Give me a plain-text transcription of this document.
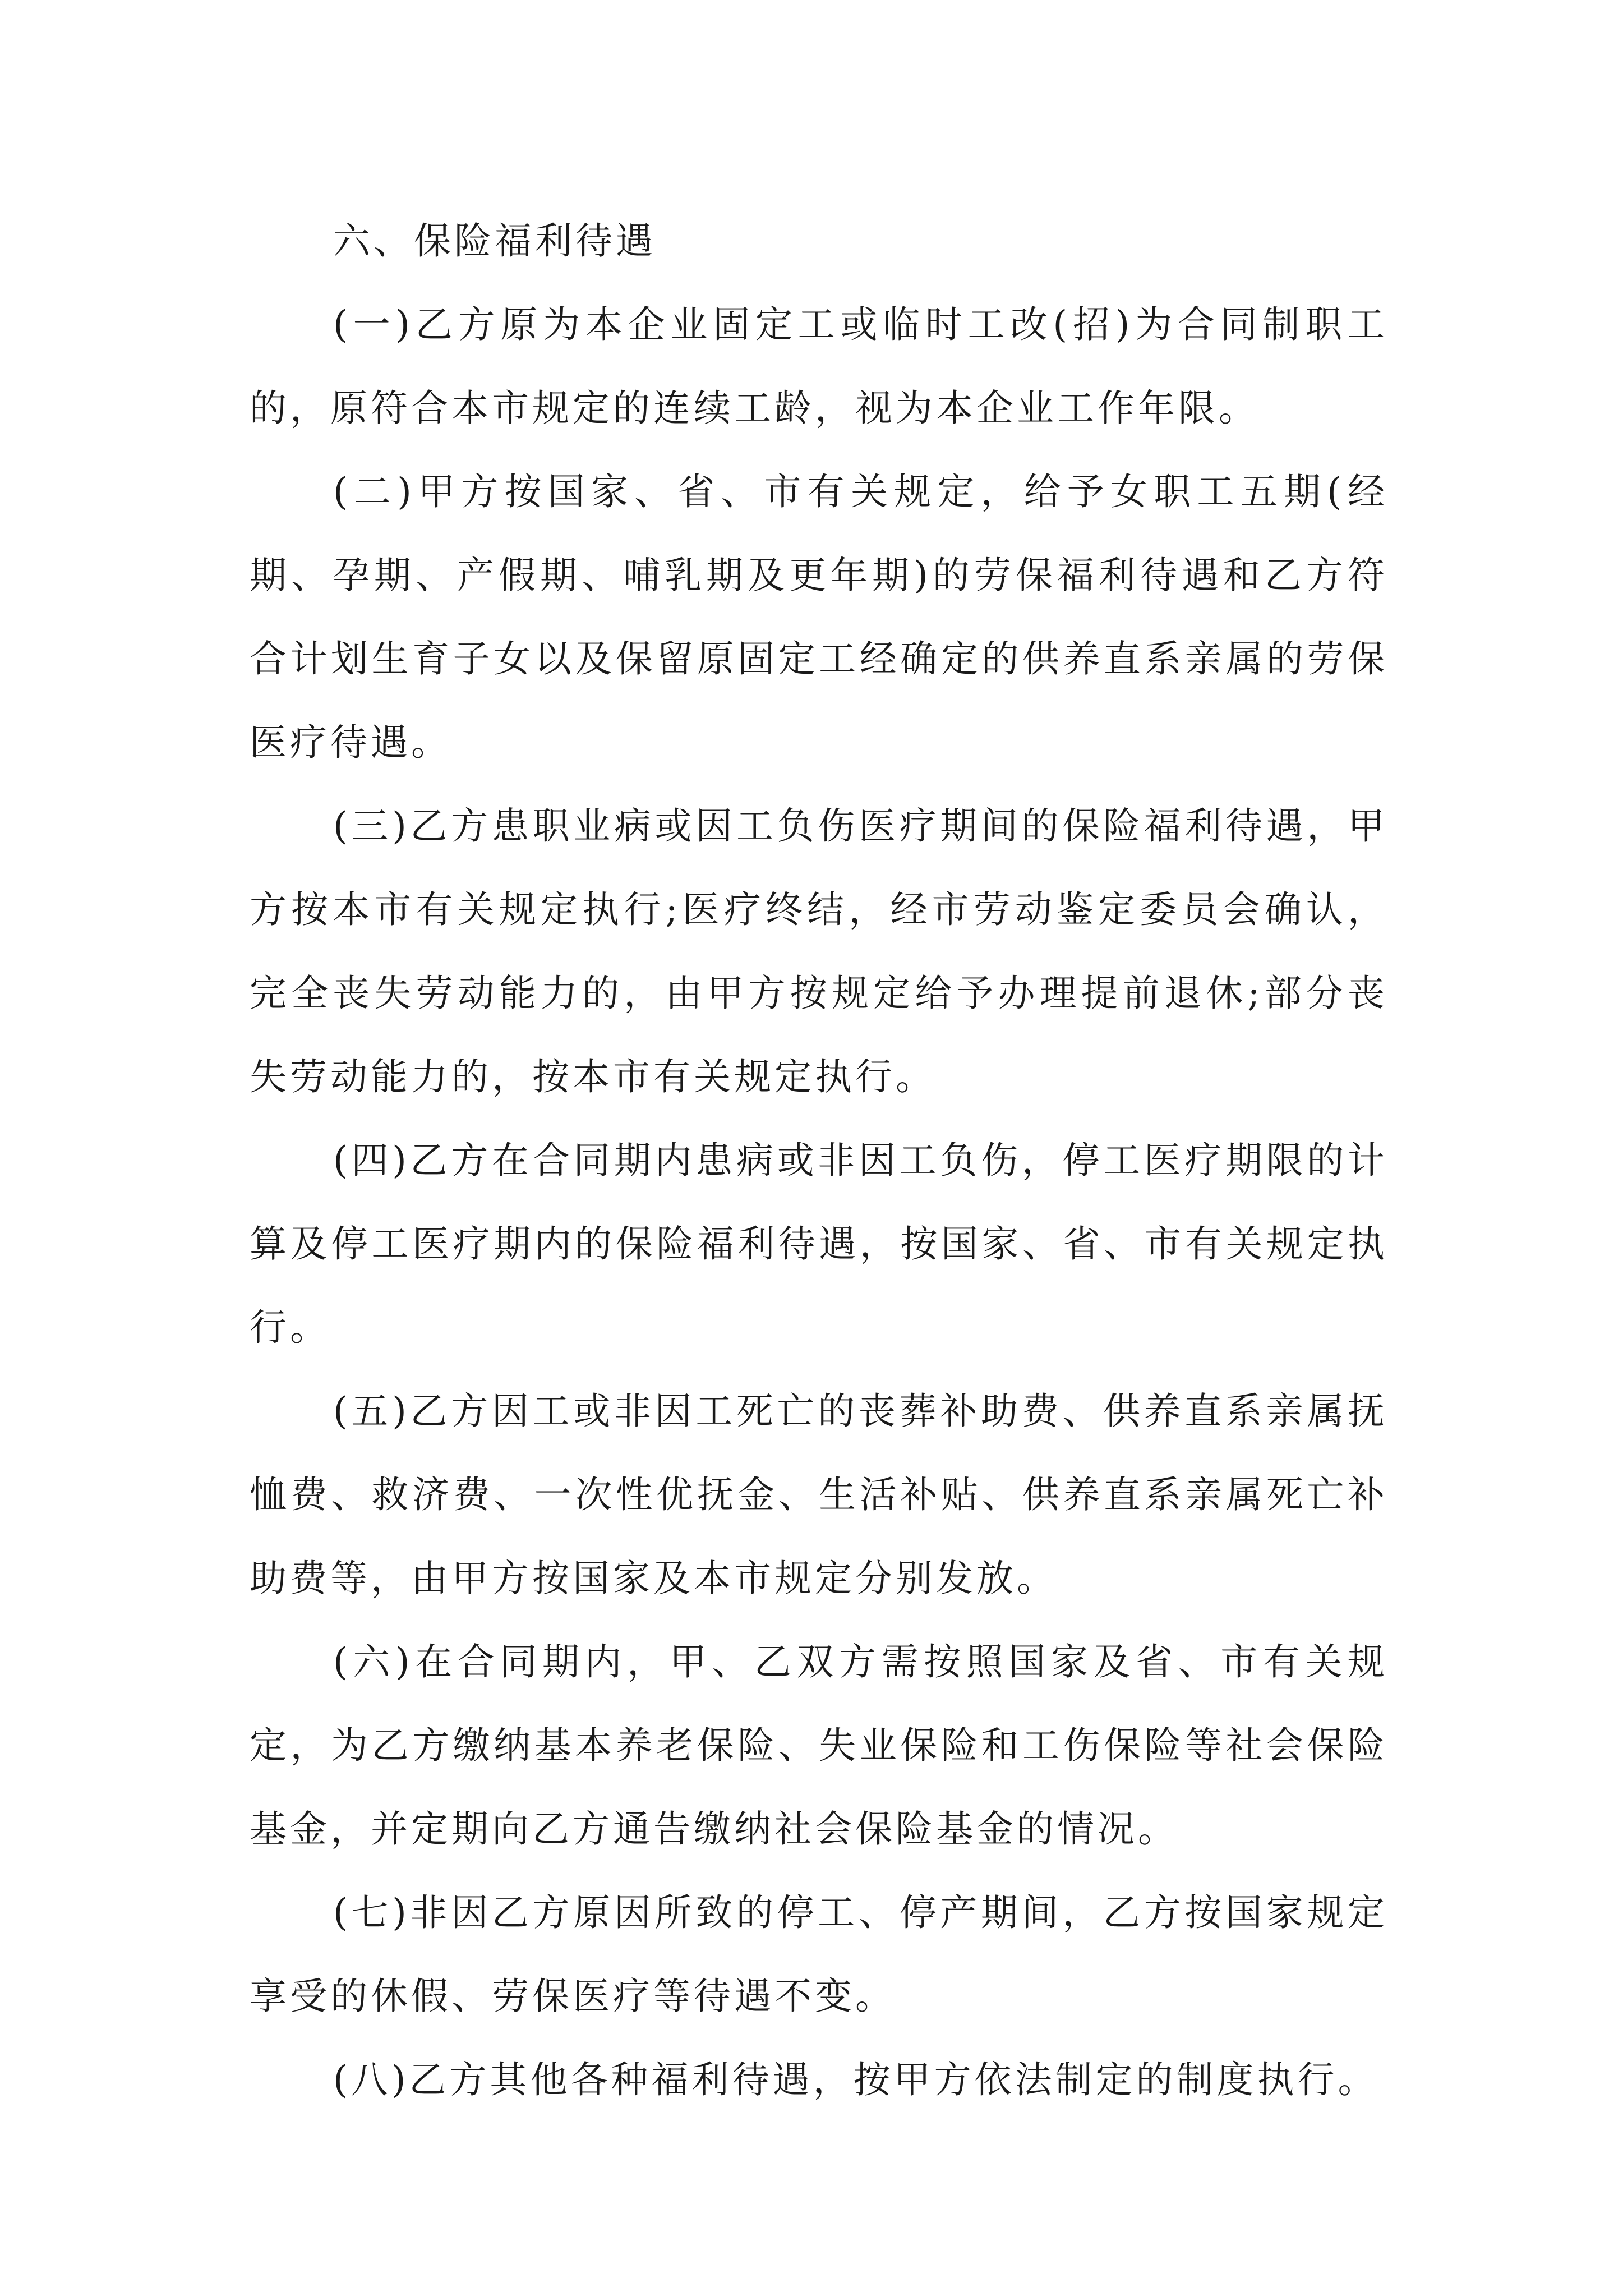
六、保险福利待遇

(一)乙方原为本企业固定工或临时工改(招)为合同制职工的，原符合本市规定的连续工龄，视为本企业工作年限。

(二)甲方按国家、省、市有关规定，给予女职工五期(经期、孕期、产假期、哺乳期及更年期)的劳保福利待遇和乙方符合计划生育子女以及保留原固定工经确定的供养直系亲属的劳保医疗待遇。

(三)乙方患职业病或因工负伤医疗期间的保险福利待遇，甲方按本市有关规定执行;医疗终结，经市劳动鉴定委员会确认，完全丧失劳动能力的，由甲方按规定给予办理提前退休;部分丧失劳动能力的，按本市有关规定执行。

(四)乙方在合同期内患病或非因工负伤，停工医疗期限的计算及停工医疗期内的保险福利待遇，按国家、省、市有关规定执行。

(五)乙方因工或非因工死亡的丧葬补助费、供养直系亲属抚恤费、救济费、一次性优抚金、生活补贴、供养直系亲属死亡补助费等，由甲方按国家及本市规定分别发放。

(六)在合同期内，甲、乙双方需按照国家及省、市有关规定，为乙方缴纳基本养老保险、失业保险和工伤保险等社会保险基金，并定期向乙方通告缴纳社会保险基金的情况。

(七)非因乙方原因所致的停工、停产期间，乙方按国家规定享受的休假、劳保医疗等待遇不变。

(八)乙方其他各种福利待遇，按甲方依法制定的制度执行。
